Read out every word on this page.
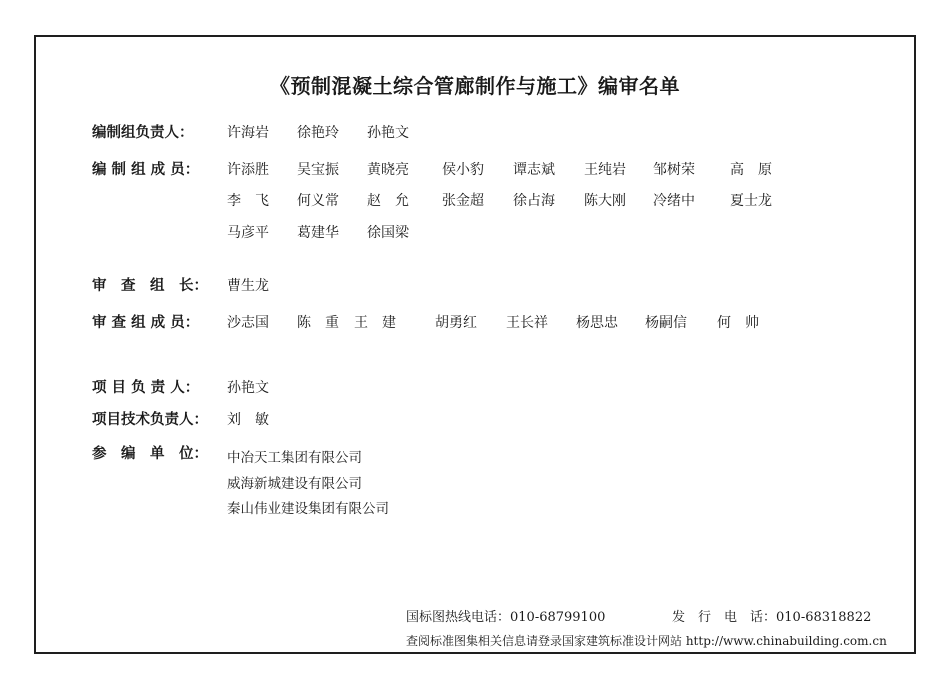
《预制混凝土综合管廊制作与施工》编审名单
编制组负责人： 许海岩 徐艳玲 孙艳文
编 制 组 成 员： 许添胜 吴宝振 黄晓亮 侯小豹 谭志斌 王纯岩 邹树荣	高　原
李　飞 何义常 赵　允 张金超 徐占海 陈大刚 冷绪中	夏士龙
马彦平 葛建华 徐国梁
审　查　组　长： 曹生龙
审 查 组 成 员： 沙志国 陈　重 王　建	胡勇红 王长祥 杨思忠 杨嗣信 何　帅
项 目 负 责 人： 孙艳文
项目技术负责人： 刘　敏
参　编　单　位： 中冶天工集团有限公司
威海新城建设有限公司
秦山伟业建设集团有限公司
国标图热线电话：010-68799100	发　行　电　话：010-68318822
查阅标准图集相关信息请登录国家建筑标准设计网站 http://www.chinabuilding.com.cn
